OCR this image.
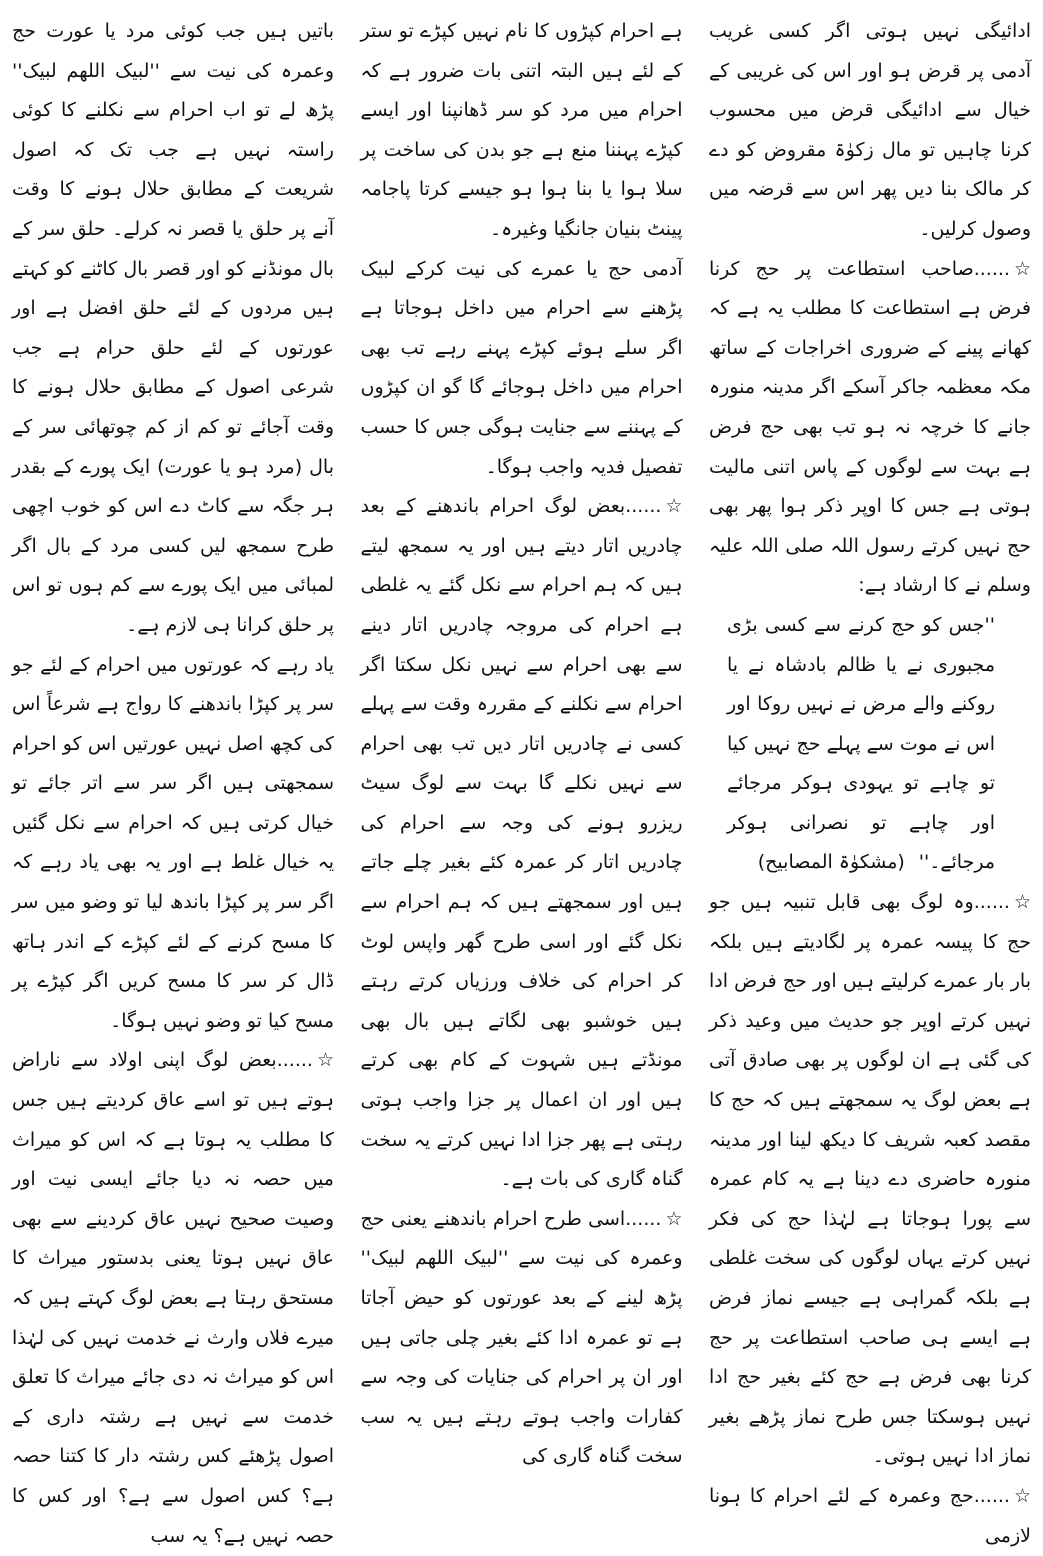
ادائیگی نہیں ہوتی اگر کسی غریب آدمی پر قرض ہو اور اس کی غریبی کے خیال سے ادائیگی قرض میں محسوب کرنا چاہیں تو مال زکوٰۃ مقروض کو دے کر مالک بنا دیں پھر اس سے قرضہ میں وصول کرلیں۔

☆......صاحب استطاعت پر حج کرنا فرض ہے استطاعت کا مطلب یہ ہے کہ کھانے پینے کے ضروری اخراجات کے ساتھ مکہ معظمہ جاکر آسکے اگر مدینہ منورہ جانے کا خرچہ نہ ہو تب بھی حج فرض ہے بہت سے لوگوں کے پاس اتنی مالیت ہوتی ہے جس کا اوپر ذکر ہوا پھر بھی حج نہیں کرتے رسول اللہ صلی اللہ علیہ وسلم نے کا ارشاد ہے:

''جس کو حج کرنے سے کسی بڑی مجبوری نے یا ظالم بادشاہ نے یا روکنے والے مرض نے نہیں روکا اور اس نے موت سے پہلے حج نہیں کیا تو چاہے تو یہودی ہوکر مرجائے اور چاہے تو نصرانی ہوکر مرجائے۔''(مشکوٰۃ المصابیح)

☆......وہ لوگ بھی قابل تنبیہ ہیں جو حج کا پیسہ عمرہ پر لگادیتے ہیں بلکہ بار بار عمرے کرلیتے ہیں اور حج فرض ادا نہیں کرتے اوپر جو حدیث میں وعید ذکر کی گئی ہے ان لوگوں پر بھی صادق آتی ہے بعض لوگ یہ سمجھتے ہیں کہ حج کا مقصد کعبہ شریف کا دیکھ لینا اور مدینہ منورہ حاضری دے دینا ہے یہ کام عمرہ سے پورا ہوجاتا ہے لہٰذا حج کی فکر نہیں کرتے یہاں لوگوں کی سخت غلطی ہے بلکہ گمراہی ہے جیسے نماز فرض ہے ایسے ہی صاحب استطاعت پر حج کرنا بھی فرض ہے حج کئے بغیر حج ادا نہیں ہوسکتا جس طرح نماز پڑھے بغیر نماز ادا نہیں ہوتی۔

☆......حج وعمرہ کے لئے احرام کا ہونا لازمی

ہے احرام کپڑوں کا نام نہیں کپڑے تو ستر کے لئے ہیں البتہ اتنی بات ضرور ہے کہ احرام میں مرد کو سر ڈھانپنا اور ایسے کپڑے پہننا منع ہے جو بدن کی ساخت پر سلا ہوا یا بنا ہوا ہو جیسے کرتا پاجامہ پینٹ بنیان جانگیا وغیرہ۔

آدمی حج یا عمرے کی نیت کرکے لبیک پڑھنے سے احرام میں داخل ہوجاتا ہے اگر سلے ہوئے کپڑے پہنے رہے تب بھی احرام میں داخل ہوجائے گا گو ان کپڑوں کے پہننے سے جنایت ہوگی جس کا حسب تفصیل فدیہ واجب ہوگا۔

☆......بعض لوگ احرام باندھنے کے بعد چادریں اتار دیتے ہیں اور یہ سمجھ لیتے ہیں کہ ہم احرام سے نکل گئے یہ غلطی ہے احرام کی مروجہ چادریں اتار دینے سے بھی احرام سے نہیں نکل سکتا اگر احرام سے نکلنے کے مقررہ وقت سے پہلے کسی نے چادریں اتار دیں تب بھی احرام سے نہیں نکلے گا بہت سے لوگ سیٹ ریزرو ہونے کی وجہ سے احرام کی چادریں اتار کر عمرہ کئے بغیر چلے جاتے ہیں اور سمجھتے ہیں کہ ہم احرام سے نکل گئے اور اسی طرح گھر واپس لوٹ کر احرام کی خلاف ورزیاں کرتے رہتے ہیں خوشبو بھی لگاتے ہیں بال بھی مونڈتے ہیں شہوت کے کام بھی کرتے ہیں اور ان اعمال پر جزا واجب ہوتی رہتی ہے پھر جزا ادا نہیں کرتے یہ سخت گناہ گاری کی بات ہے۔

☆......اسی طرح احرام باندھنے یعنی حج وعمرہ کی نیت سے ''لبیک اللھم لبیک'' پڑھ لینے کے بعد عورتوں کو حیض آجاتا ہے تو عمرہ ادا کئے بغیر چلی جاتی ہیں اور ان پر احرام کی جنایات کی وجہ سے کفارات واجب ہوتے رہتے ہیں یہ سب سخت گناہ گاری کی

باتیں ہیں جب کوئی مرد یا عورت حج وعمرہ کی نیت سے ''لبیک اللھم لبیک'' پڑھ لے تو اب احرام سے نکلنے کا کوئی راستہ نہیں ہے جب تک کہ اصول شریعت کے مطابق حلال ہونے کا وقت آنے پر حلق یا قصر نہ کرلے۔ حلق سر کے بال مونڈنے کو اور قصر بال کاٹنے کو کہتے ہیں مردوں کے لئے حلق افضل ہے اور عورتوں کے لئے حلق حرام ہے جب شرعی اصول کے مطابق حلال ہونے کا وقت آجائے تو کم از کم چوتھائی سر کے بال (مرد ہو یا عورت) ایک پورے کے بقدر ہر جگہ سے کاٹ دے اس کو خوب اچھی طرح سمجھ لیں کسی مرد کے بال اگر لمبائی میں ایک پورے سے کم ہوں تو اس پر حلق کرانا ہی لازم ہے۔

یاد رہے کہ عورتوں میں احرام کے لئے جو سر پر کپڑا باندھنے کا رواج ہے شرعاً اس کی کچھ اصل نہیں عورتیں اس کو احرام سمجھتی ہیں اگر سر سے اتر جائے تو خیال کرتی ہیں کہ احرام سے نکل گئیں یہ خیال غلط ہے اور یہ بھی یاد رہے کہ اگر سر پر کپڑا باندھ لیا تو وضو میں سر کا مسح کرنے کے لئے کپڑے کے اندر ہاتھ ڈال کر سر کا مسح کریں اگر کپڑے پر مسح کیا تو وضو نہیں ہوگا۔

☆......بعض لوگ اپنی اولاد سے ناراض ہوتے ہیں تو اسے عاق کردیتے ہیں جس کا مطلب یہ ہوتا ہے کہ اس کو میراث میں حصہ نہ دیا جائے ایسی نیت اور وصیت صحیح نہیں عاق کردینے سے بھی عاق نہیں ہوتا یعنی بدستور میراث کا مستحق رہتا ہے بعض لوگ کہتے ہیں کہ میرے فلاں وارث نے خدمت نہیں کی لہٰذا اس کو میراث نہ دی جائے میراث کا تعلق خدمت سے نہیں ہے رشتہ داری کے اصول پڑھئے کس رشتہ دار کا کتنا حصہ ہے؟ کس اصول سے ہے؟ اور کس کا حصہ نہیں ہے؟ یہ سب
